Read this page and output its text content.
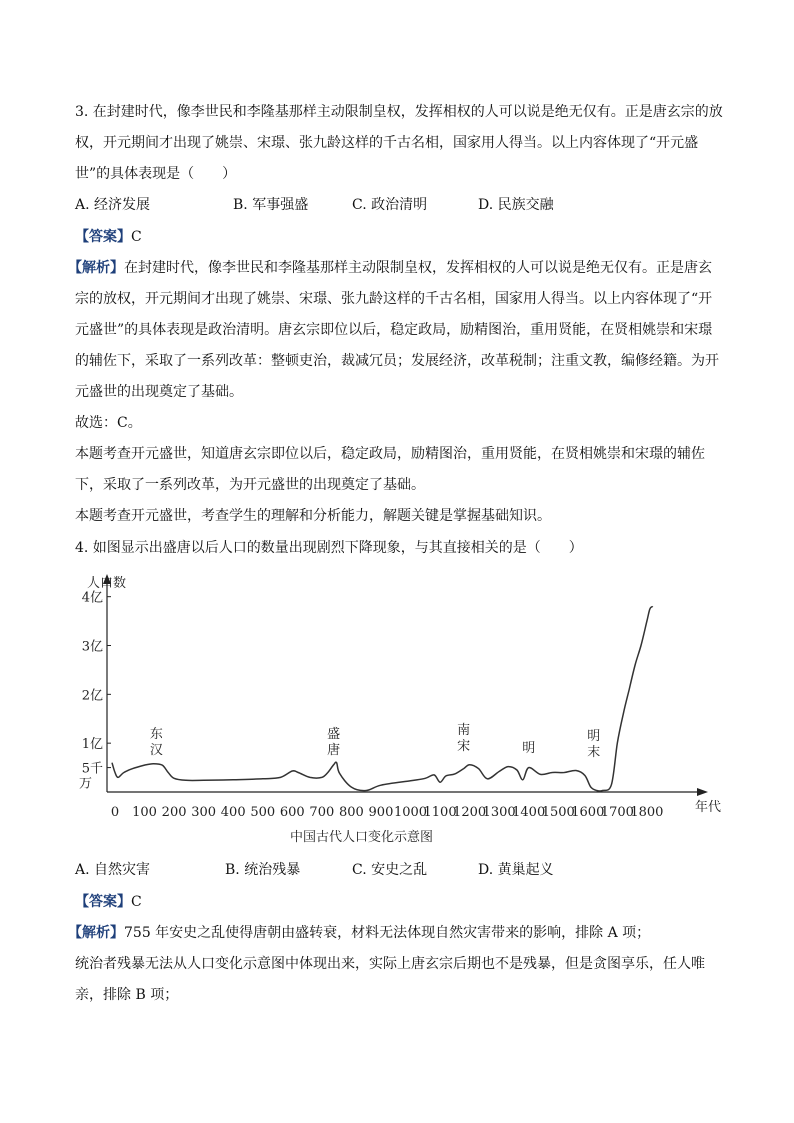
3. 在封建时代，像李世民和李隆基那样主动限制皇权，发挥相权的人可以说是绝无仅有。正是唐玄宗的放
权，开元期间才出现了姚崇、宋璟、张九龄这样的千古名相，国家用人得当。以上内容体现了“开元盛
世”的具体表现是（　　）
A. 经济发展	B. 军事强盛	C. 政治清明	D. 民族交融
【答案】C
【解析】在封建时代，像李世民和李隆基那样主动限制皇权，发挥相权的人可以说是绝无仅有。正是唐玄
宗的放权，开元期间才出现了姚崇、宋璟、张九龄这样的千古名相，国家用人得当。以上内容体现了“开
元盛世”的具体表现是政治清明。唐玄宗即位以后，稳定政局，励精图治，重用贤能，在贤相姚崇和宋璟
的辅佐下，采取了一系列改革：整顿吏治，裁减冗员；发展经济，改革税制；注重文教，编修经籍。为开
元盛世的出现奠定了基础。
故选：C。
本题考查开元盛世，知道唐玄宗即位以后，稳定政局，励精图治，重用贤能，在贤相姚崇和宋璟的辅佐
下，采取了一系列改革，为开元盛世的出现奠定了基础。
本题考查开元盛世，考查学生的理解和分析能力，解题关键是掌握基础知识。
4. 如图显示出盛唐以后人口的数量出现剧烈下降现象，与其直接相关的是（　　）
人口数
年代
4亿
3亿
2亿
1亿
5千
万
0 100 200 300 400 500 600 700 800 900 1000
1100
1200
1300
1400
1500
1600
1700
1800
东
汉
盛
唐
南
宋	明
明
末
中国古代人口变化示意图
A. 自然灾害	B. 统治残暴	C. 安史之乱	D. 黄巢起义
【答案】C
【解析】755 年安史之乱使得唐朝由盛转衰，材料无法体现自然灾害带来的影响，排除 A 项；
统治者残暴无法从人口变化示意图中体现出来，实际上唐玄宗后期也不是残暴，但是贪图享乐，任人唯
亲，排除 B 项；
